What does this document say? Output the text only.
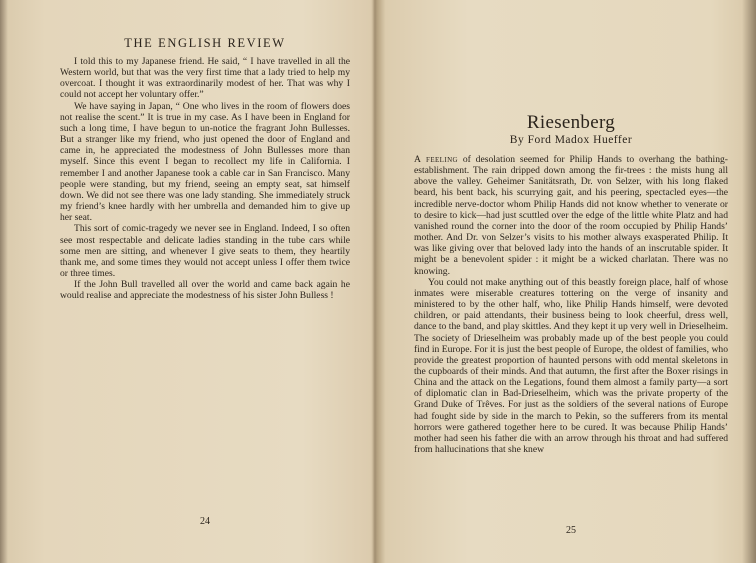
THE ENGLISH REVIEW

I told this to my Japanese friend. He said, “ I have travelled in all the Western world, but that was the very first time that a lady tried to help my overcoat. I thought it was extraordinarily modest of her. That was why I could not accept her voluntary offer.”

We have saying in Japan, “ One who lives in the room of flowers does not realise the scent.” It is true in my case. As I have been in England for such a long time, I have begun to un-notice the fragrant John Bullesses. But a stranger like my friend, who just opened the door of England and came in, he appreciated the modestness of John Bullesses more than myself. Since this event I began to recollect my life in California. I remember I and another Japanese took a cable car in San Francisco. Many people were standing, but my friend, seeing an empty seat, sat himself down. We did not see there was one lady standing. She immediately struck my friend’s knee hardly with her umbrella and demanded him to give up her seat.

This sort of comic-tragedy we never see in England. Indeed, I so often see most respectable and delicate ladies standing in the tube cars while some men are sitting, and whenever I give seats to them, they heartily thank me, and some times they would not accept unless I offer them twice or three times.

If the John Bull travelled all over the world and came back again he would realise and appreciate the modestness of his sister John Bulless !

24
Riesenberg
By Ford Madox Hueffer

A feeling of desolation seemed for Philip Hands to overhang the bathing-establishment. The rain dripped down among the fir-trees : the mists hung all above the valley. Geheimer Sanitätsrath, Dr. von Selzer, with his long flaked beard, his bent back, his scurrying gait, and his peering, spectacled eyes—the incredible nerve-doctor whom Philip Hands did not know whether to venerate or to desire to kick—had just scuttled over the edge of the little white Platz and had vanished round the corner into the door of the room occupied by Philip Hands’ mother. And Dr. von Selzer’s visits to his mother always exasperated Philip. It was like giving over that beloved lady into the hands of an inscrutable spider. It might be a benevolent spider : it might be a wicked charlatan. There was no knowing.

You could not make anything out of this beastly foreign place, half of whose inmates were miserable creatures tottering on the verge of insanity and ministered to by the other half, who, like Philip Hands himself, were devoted children, or paid attendants, their business being to look cheerful, dress well, dance to the band, and play skittles. And they kept it up very well in Drieselheim. The society of Drieselheim was probably made up of the best people you could find in Europe. For it is just the best people of Europe, the oldest of families, who provide the greatest proportion of haunted persons with odd mental skeletons in the cupboards of their minds. And that autumn, the first after the Boxer risings in China and the attack on the Legations, found them almost a family party—a sort of diplomatic clan in Bad-Drieselheim, which was the private property of the Grand Duke of Trêves. For just as the soldiers of the several nations of Europe had fought side by side in the march to Pekin, so the sufferers from its mental horrors were gathered together here to be cured. It was because Philip Hands’ mother had seen his father die with an arrow through his throat and had suffered from hallucinations that she knew

25
